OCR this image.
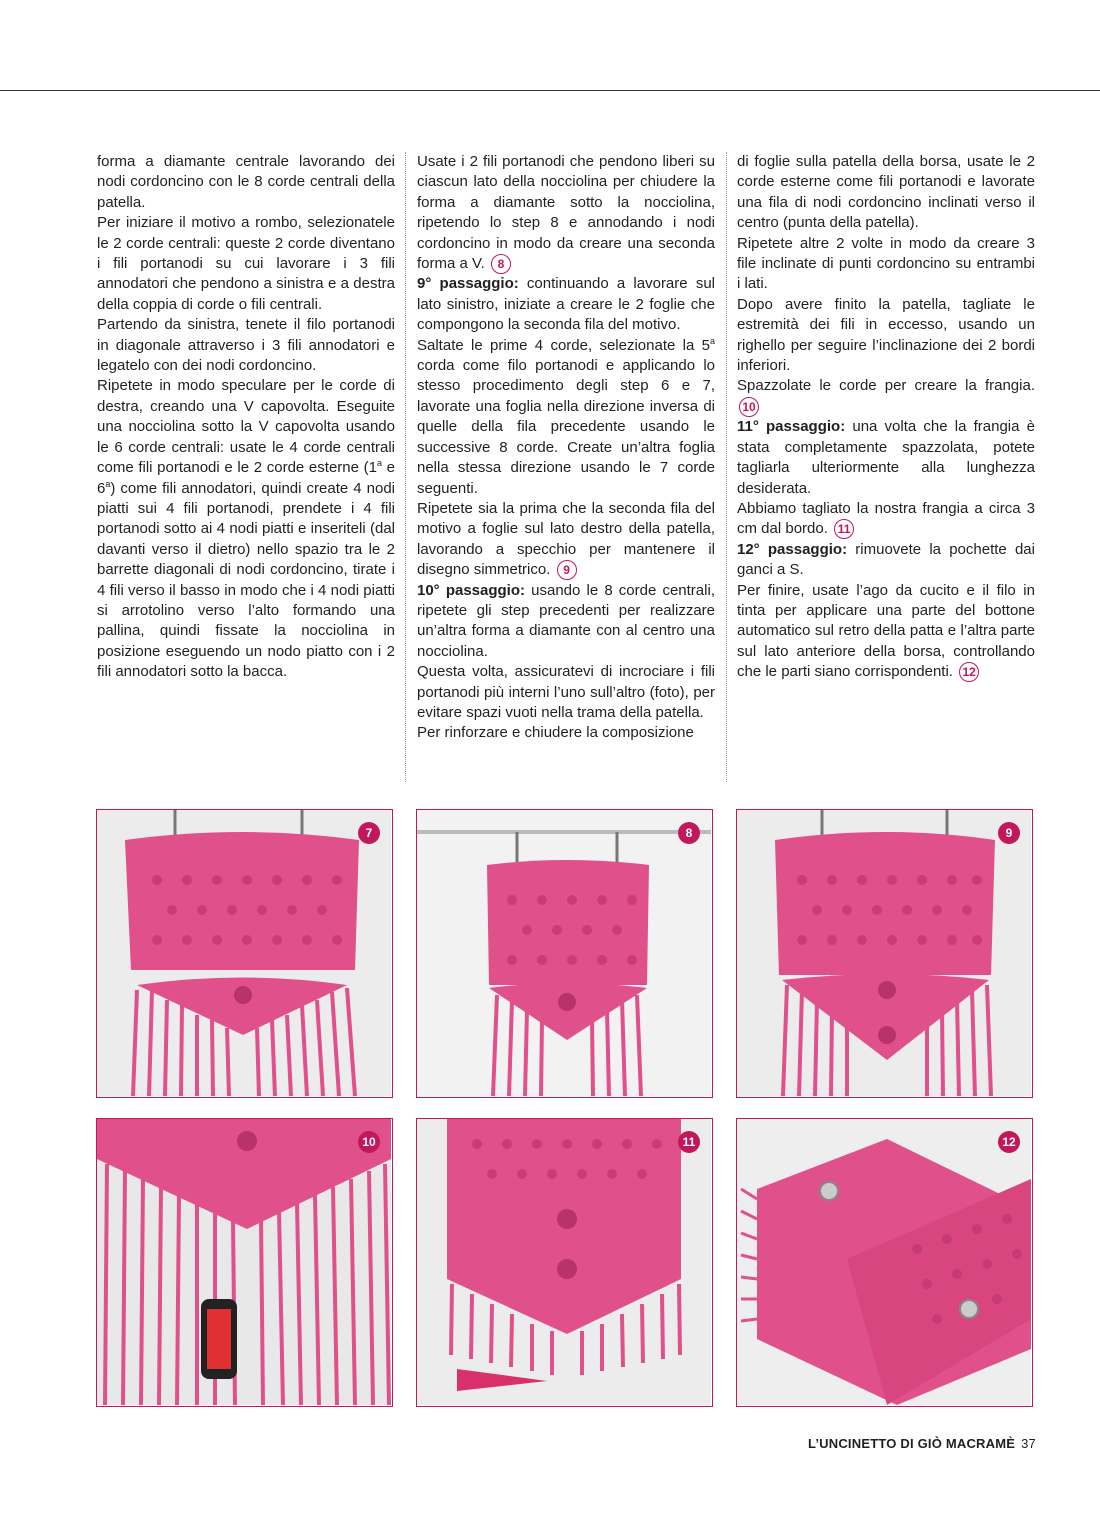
forma a diamante centrale lavorando dei nodi cordoncino con le 8 corde centrali della patella.

Per iniziare il motivo a rombo, selezionatele le 2 corde centrali: queste 2 corde diventano i fili portanodi su cui lavorare i 3 fili annodatori che pendono a sinistra e a destra della coppia di corde o fili centrali.

Partendo da sinistra, tenete il filo portanodi in diagonale attraverso i 3 fili annodatori e legatelo con dei nodi cordoncino.

Ripetete in modo speculare per le corde di destra, creando una V capovolta. Eseguite una nocciolina sotto la V capovolta usando le 6 corde centrali: usate le 4 corde centrali come fili portanodi e le 2 corde esterne (1$^a$ e 6$^a$) come fili annodatori, quindi create 4 nodi piatti sui 4 fili portanodi, prendete i 4 fili portanodi sotto ai 4 nodi piatti e inseriteli (dal davanti verso il dietro) nello spazio tra le 2 barrette diagonali di nodi cordoncino, tirate i 4 fili verso il basso in modo che i 4 nodi piatti si arrotolino verso l’alto formando una pallina, quindi fissate la nocciolina in posizione eseguendo un nodo piatto con i 2 fili annodatori sotto la bacca.

Usate i 2 fili portanodi che pendono liberi su ciascun lato della nocciolina per chiudere la forma a diamante sotto la nocciolina, ripetendo lo step 8 e annodando i nodi cordoncino in modo da creare una seconda forma a V. 8

9° passaggio: continuando a lavorare sul lato sinistro, iniziate a creare le 2 foglie che compongono la seconda fila del motivo.

Saltate le prime 4 corde, selezionate la 5$^a$ corda come filo portanodi e applicando lo stesso procedimento degli step 6 e 7, lavorate una foglia nella direzione inversa di quelle della fila precedente usando le successive 8 corde. Create un’altra foglia nella stessa direzione usando le 7 corde seguenti.

Ripetete sia la prima che la seconda fila del motivo a foglie sul lato destro della patella, lavorando a specchio per mantenere il disegno simmetrico. 9

10° passaggio: usando le 8 corde centrali, ripetete gli step precedenti per realizzare un’altra forma a diamante con al centro una nocciolina.

Questa volta, assicuratevi di incrociare i fili portanodi più interni l’uno sull’altro (foto), per evitare spazi vuoti nella trama della patella.

Per rinforzare e chiudere la composizione

di foglie sulla patella della borsa, usate le 2 corde esterne come fili portanodi e lavorate una fila di nodi cordoncino inclinati verso il centro (punta della patella).

Ripetete altre 2 volte in modo da creare 3 file inclinate di punti cordoncino su entrambi i lati.

Dopo avere finito la patella, tagliate le estremità dei fili in eccesso, usando un righello per seguire l’inclinazione dei 2 bordi inferiori.

Spazzolate le corde per creare la frangia. 10

11° passaggio: una volta che la frangia è stata completamente spazzolata, potete tagliarla ulteriormente alla lunghezza desiderata.

Abbiamo tagliato la nostra frangia a circa 3 cm dal bordo. 11

12° passaggio: rimuovete la pochette dai ganci a S.

Per finire, usate l’ago da cucito e il filo in tinta per applicare una parte del bottone automatico sul retro della patta e l’altra parte sul lato anteriore della borsa, controllando che le parti siano corrispondenti. 12

7	8	9
10	11	12
L’UNCINETTO DI GIÒ MACRAMÈ 37
